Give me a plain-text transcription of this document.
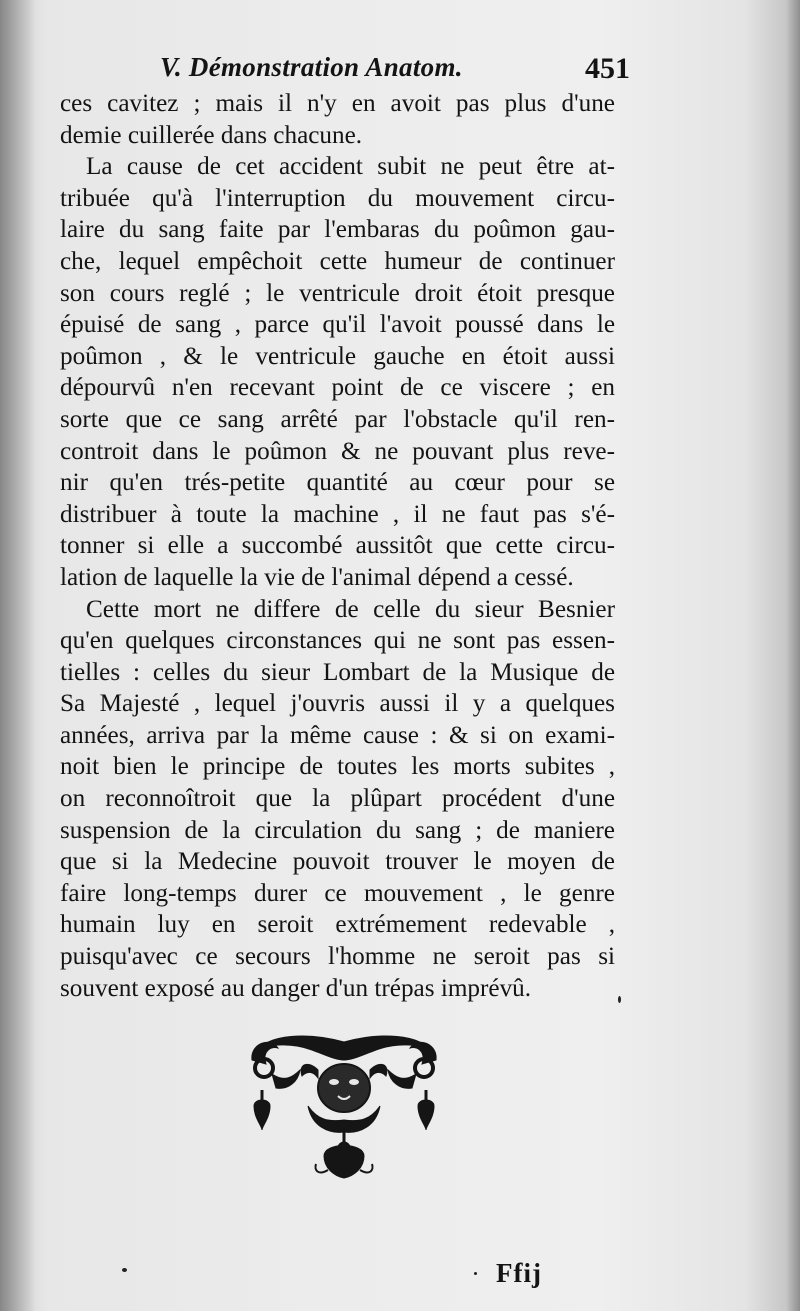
V. Démonstration Anatom.	451
ces cavitez ; mais il n'y en avoit pas plus d'une
demie cuillerée dans chacune.
La cause de cet accident subit ne peut être at-
tribuée qu'à l'interruption du mouvement circu-
laire du sang faite par l'embaras du poûmon gau-
che, lequel empêchoit cette humeur de continuer
son cours reglé ; le ventricule droit étoit presque
épuisé de sang , parce qu'il l'avoit poussé dans le
poûmon , & le ventricule gauche en étoit aussi
dépourvû n'en recevant point de ce viscere ; en
sorte que ce sang arrêté par l'obstacle qu'il ren-
controit dans le poûmon & ne pouvant plus reve-
nir qu'en trés-petite quantité au cœur pour se
distribuer à toute la machine , il ne faut pas s'é-
tonner si elle a succombé aussitôt que cette circu-
lation de laquelle la vie de l'animal dépend a cessé.
Cette mort ne differe de celle du sieur Besnier
qu'en quelques circonstances qui ne sont pas essen-
tielles : celles du sieur Lombart de la Musique de
Sa Majesté , lequel j'ouvris aussi il y a quelques
années, arriva par la même cause : & si on exami-
noit bien le principe de toutes les morts subites ,
on reconnoîtroit que la plûpart procédent d'une
suspension de la circulation du sang ; de maniere
que si la Medecine pouvoit trouver le moyen de
faire long-temps durer ce mouvement , le genre
humain luy en seroit extrémement redevable ,
puisqu'avec ce secours l'homme ne seroit pas si
souvent exposé au danger d'un trépas imprévû.
Ffij
